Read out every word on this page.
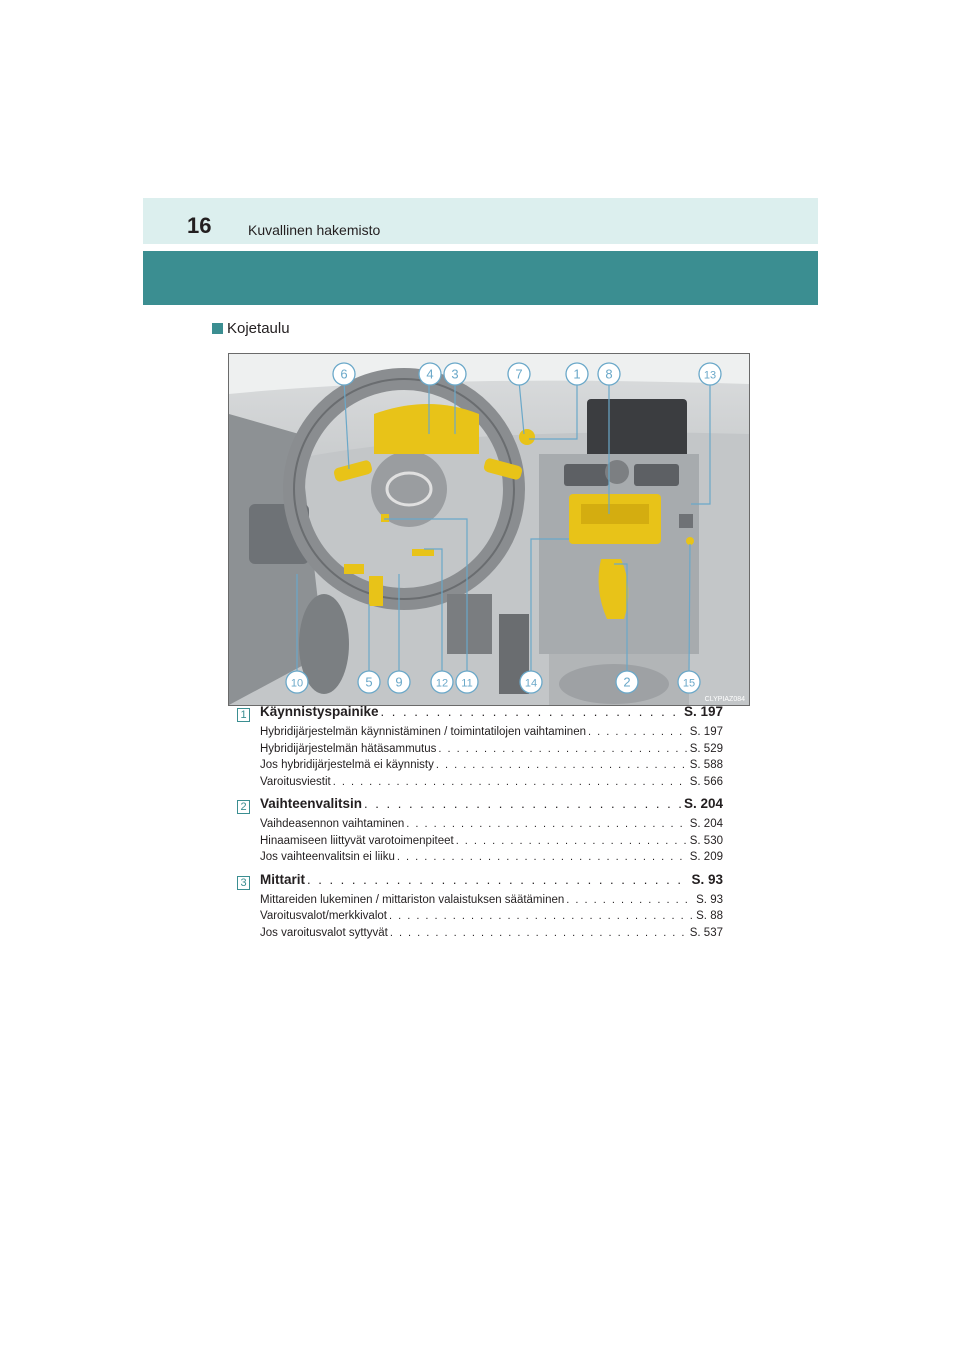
16	Kuvallinen hakemisto
Kojetaulu
6	4 3	7	1 8	13
10	5 9	12 11	14	2	15
CLYPIAZ084
1 Käynnistyspainike . . .	S. 197
Hybridijärjestelmän käynnistäminen / toimintatilojen vaihtaminen . . .	S. 197
Hybridijärjestelmän hätäsammutus . . .	S. 529
Jos hybridijärjestelmä ei käynnisty . . .	S. 588
Varoitusviestit . . .	S. 566
2 Vaihteenvalitsin . . .	S. 204
Vaihdeasennon vaihtaminen . . .	S. 204
Hinaamiseen liittyvät varotoimenpiteet . . .	S. 530
Jos vaihteenvalitsin ei liiku . . .	S. 209
3 Mittarit . . .	S. 93
Mittareiden lukeminen / mittariston valaistuksen säätäminen . . .	S. 93
Varoitusvalot/merkkivalot . . .	S. 88
Jos varoitusvalot syttyvät . . .	S. 537
